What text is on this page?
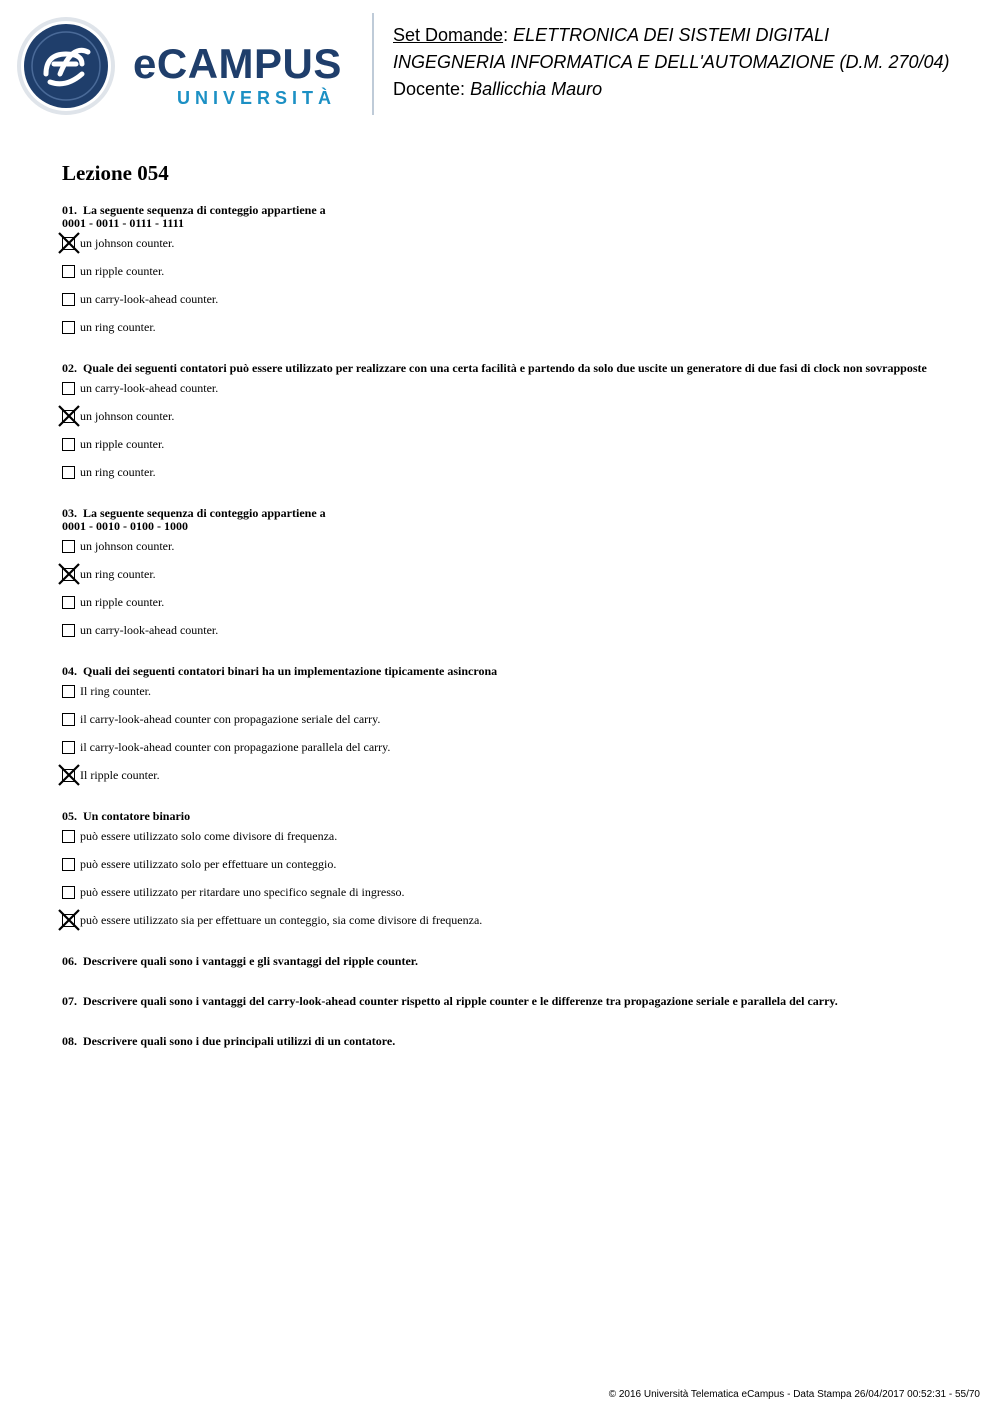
eCAMPUS
UNIVERSITÀ
Set Domande: ELETTRONICA DEI SISTEMI DIGITALI
INGEGNERIA INFORMATICA E DELL'AUTOMAZIONE (D.M. 270/04)
Docente: Ballicchia Mauro
Lezione 054
01. La seguente sequenza di conteggio appartiene a
0001 - 0011 - 0111 - 1111
un johnson counter.
un ripple counter.
un carry-look-ahead counter.
un ring counter.
02. Quale dei seguenti contatori può essere utilizzato per realizzare con una certa facilità e partendo da solo due uscite un generatore di due fasi di clock non sovrapposte
un carry-look-ahead counter.
un johnson counter.
un ripple counter.
un ring counter.
03. La seguente sequenza di conteggio appartiene a
0001 - 0010 - 0100 - 1000
un johnson counter.
un ring counter.
un ripple counter.
un carry-look-ahead counter.
04. Quali dei seguenti contatori binari ha un implementazione tipicamente asincrona
Il ring counter.
il carry-look-ahead counter con propagazione seriale del carry.
il carry-look-ahead counter con propagazione parallela del carry.
Il ripple counter.
05. Un contatore binario
può essere utilizzato solo come divisore di frequenza.
può essere utilizzato solo per effettuare un conteggio.
può essere utilizzato per ritardare uno specifico segnale di ingresso.
può essere utilizzato sia per effettuare un conteggio, sia come divisore di frequenza.
06. Descrivere quali sono i vantaggi e gli svantaggi del ripple counter.
07. Descrivere quali sono i vantaggi del carry-look-ahead counter rispetto al ripple counter e le differenze tra propagazione seriale e parallela del carry.
08. Descrivere quali sono i due principali utilizzi di un contatore.
© 2016 Università Telematica eCampus - Data Stampa 26/04/2017 00:52:31 - 55/70
